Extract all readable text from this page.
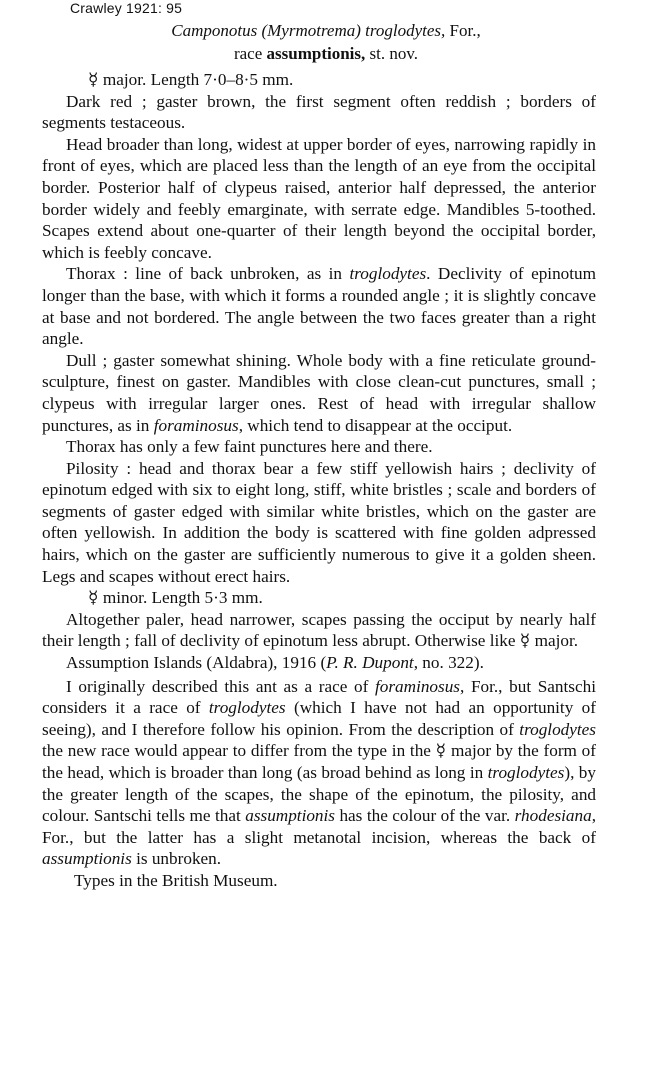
Crawley 1921: 95
Camponotus (Myrmotrema) troglodytes, For.,
race assumptionis, st. nov.

☿ major. Length 7·0–8·5 mm.

Dark red ; gaster brown, the first segment often reddish ; borders of segments testaceous.

Head broader than long, widest at upper border of eyes, narrowing rapidly in front of eyes, which are placed less than the length of an eye from the occipital border. Posterior half of clypeus raised, anterior half depressed, the anterior border widely and feebly emarginate, with serrate edge. Mandibles 5-toothed. Scapes extend about one-quarter of their length beyond the occipital border, which is feebly concave.

Thorax : line of back unbroken, as in troglodytes. Declivity of epinotum longer than the base, with which it forms a rounded angle ; it is slightly concave at base and not bordered. The angle between the two faces greater than a right angle.

Dull ; gaster somewhat shining. Whole body with a fine reticulate ground-sculpture, finest on gaster. Mandibles with close clean-cut punctures, small ; clypeus with irregular larger ones. Rest of head with irregular shallow punctures, as in foraminosus, which tend to disappear at the occiput.

Thorax has only a few faint punctures here and there.

Pilosity : head and thorax bear a few stiff yellowish hairs ; declivity of epinotum edged with six to eight long, stiff, white bristles ; scale and borders of segments of gaster edged with similar white bristles, which on the gaster are often yellowish. In addition the body is scattered with fine golden adpressed hairs, which on the gaster are sufficiently numerous to give it a golden sheen. Legs and scapes without erect hairs.

☿ minor. Length 5·3 mm.

Altogether paler, head narrower, scapes passing the occiput by nearly half their length ; fall of declivity of epinotum less abrupt. Otherwise like ☿ major.

Assumption Islands (Aldabra), 1916 (P. R. Dupont, no. 322).

I originally described this ant as a race of foraminosus, For., but Santschi considers it a race of troglodytes (which I have not had an opportunity of seeing), and I therefore follow his opinion. From the description of troglodytes the new race would appear to differ from the type in the ☿ major by the form of the head, which is broader than long (as broad behind as long in troglodytes), by the greater length of the scapes, the shape of the epinotum, the pilosity, and colour. Santschi tells me that assumptionis has the colour of the var. rhodesiana, For., but the latter has a slight metanotal incision, whereas the back of assumptionis is unbroken.

Types in the British Museum.
